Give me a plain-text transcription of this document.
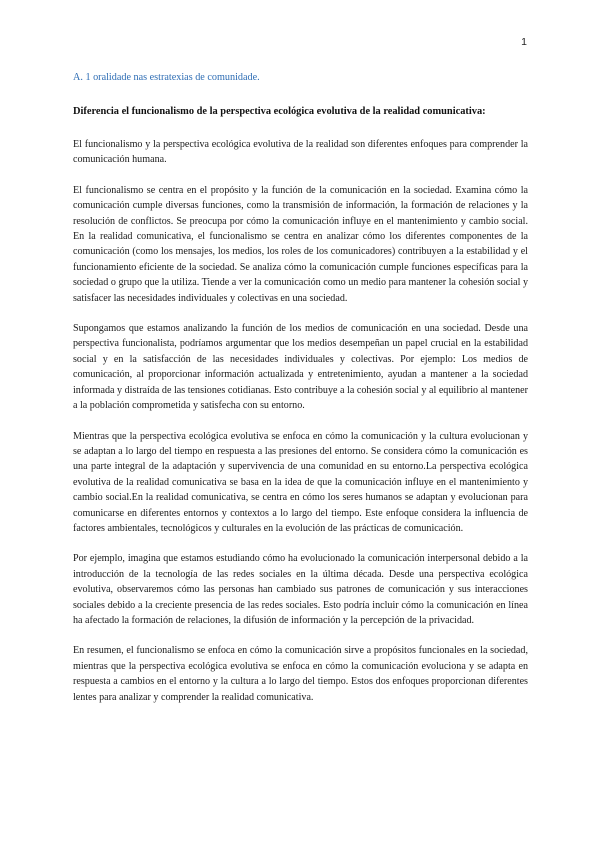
1

A. 1 oralidade nas estratexias de comunidade.

Diferencia el funcionalismo de la perspectiva ecológica evolutiva de la realidad comunicativa:

El funcionalismo y la perspectiva ecológica evolutiva de la realidad son diferentes enfoques para comprender la comunicación humana.

El funcionalismo se centra en el propósito y la función de la comunicación en la sociedad. Examina cómo la comunicación cumple diversas funciones, como la transmisión de información, la formación de relaciones y la resolución de conflictos. Se preocupa por cómo la comunicación influye en el mantenimiento y cambio social. En la realidad comunicativa, el funcionalismo se centra en analizar cómo los diferentes componentes de la comunicación (como los mensajes, los medios, los roles de los comunicadores) contribuyen a la estabilidad y el funcionamiento eficiente de la sociedad. Se analiza cómo la comunicación cumple funciones específicas para la sociedad o grupo que la utiliza. Tiende a ver la comunicación como un medio para mantener la cohesión social y satisfacer las necesidades individuales y colectivas en una sociedad.

Supongamos que estamos analizando la función de los medios de comunicación en una sociedad. Desde una perspectiva funcionalista, podríamos argumentar que los medios desempeñan un papel crucial en la estabilidad social y en la satisfacción de las necesidades individuales y colectivas. Por ejemplo: Los medios de comunicación, al proporcionar información actualizada y entretenimiento, ayudan a mantener a la sociedad informada y distraída de las tensiones cotidianas. Esto contribuye a la cohesión social y al equilibrio al mantener a la población comprometida y satisfecha con su entorno.

Mientras que la perspectiva ecológica evolutiva se enfoca en cómo la comunicación y la cultura evolucionan y se adaptan a lo largo del tiempo en respuesta a las presiones del entorno. Se considera cómo la comunicación es una parte integral de la adaptación y supervivencia de una comunidad en su entorno.La perspectiva ecológica evolutiva de la realidad comunicativa se basa en la idea de que la comunicación influye en el mantenimiento y cambio social.En la realidad comunicativa, se centra en cómo los seres humanos se adaptan y evolucionan para comunicarse en diferentes entornos y contextos a lo largo del tiempo. Este enfoque considera la influencia de factores ambientales, tecnológicos y culturales en la evolución de las prácticas de comunicación.

Por ejemplo, imagina que estamos estudiando cómo ha evolucionado la comunicación interpersonal debido a la introducción de la tecnología de las redes sociales en la última década. Desde una perspectiva ecológica evolutiva, observaremos cómo las personas han cambiado sus patrones de comunicación y sus interacciones sociales debido a la creciente presencia de las redes sociales. Esto podría incluir cómo la comunicación en línea ha afectado la formación de relaciones, la difusión de información y la percepción de la privacidad.

En resumen, el funcionalismo se enfoca en cómo la comunicación sirve a propósitos funcionales en la sociedad, mientras que la perspectiva ecológica evolutiva se enfoca en cómo la comunicación evoluciona y se adapta en respuesta a cambios en el entorno y la cultura a lo largo del tiempo. Estos dos enfoques proporcionan diferentes lentes para analizar y comprender la realidad comunicativa.
